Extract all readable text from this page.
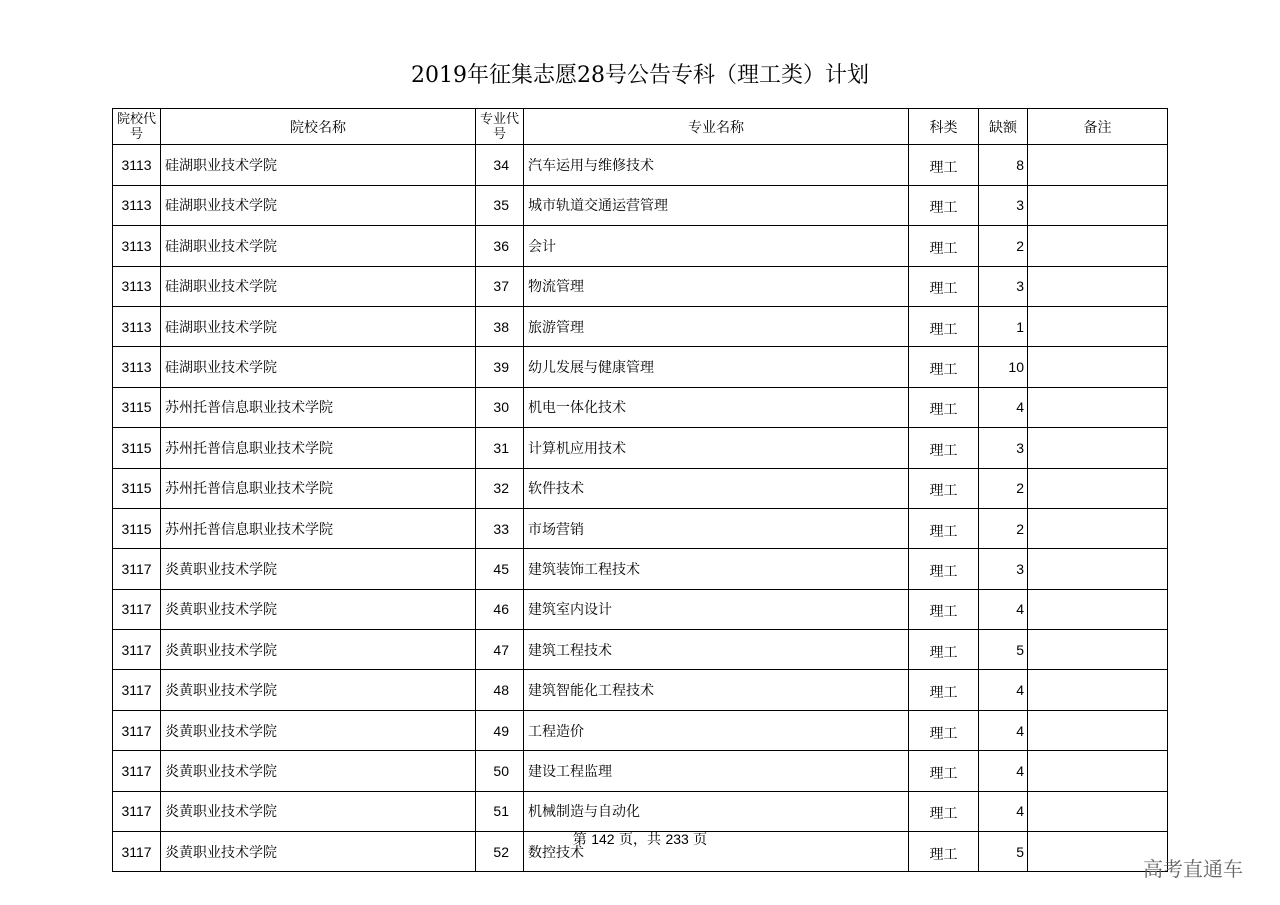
2019年征集志愿28号公告专科（理工类）计划
院校代号	院校名称	专业代号	专业名称	科类	缺额	备注
3113	硅湖职业技术学院	34	汽车运用与维修技术	理工	8	
3113	硅湖职业技术学院	35	城市轨道交通运营管理	理工	3	
3113	硅湖职业技术学院	36	会计	理工	2	
3113	硅湖职业技术学院	37	物流管理	理工	3	
3113	硅湖职业技术学院	38	旅游管理	理工	1	
3113	硅湖职业技术学院	39	幼儿发展与健康管理	理工	10	
3115	苏州托普信息职业技术学院	30	机电一体化技术	理工	4	
3115	苏州托普信息职业技术学院	31	计算机应用技术	理工	3	
3115	苏州托普信息职业技术学院	32	软件技术	理工	2	
3115	苏州托普信息职业技术学院	33	市场营销	理工	2	
3117	炎黄职业技术学院	45	建筑装饰工程技术	理工	3	
3117	炎黄职业技术学院	46	建筑室内设计	理工	4	
3117	炎黄职业技术学院	47	建筑工程技术	理工	5	
3117	炎黄职业技术学院	48	建筑智能化工程技术	理工	4	
3117	炎黄职业技术学院	49	工程造价	理工	4	
3117	炎黄职业技术学院	50	建设工程监理	理工	4	
3117	炎黄职业技术学院	51	机械制造与自动化	理工	4	
3117	炎黄职业技术学院	52	数控技术	理工	5	
第 142 页，共 233 页
高考直通车
